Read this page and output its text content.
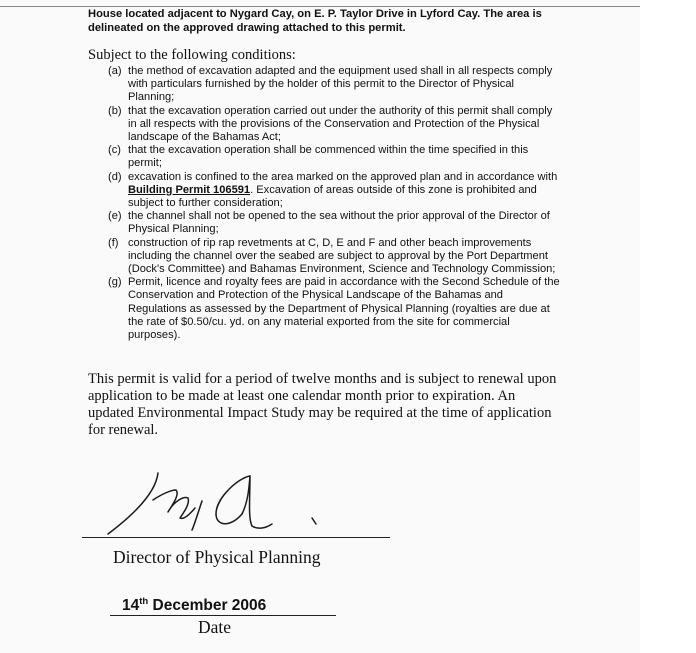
House located adjacent to Nygard Cay, on E. P. Taylor Drive in Lyford Cay. The area is
delineated on the approved drawing attached to this permit.
Subject to the following conditions:
(a) the method of excavation adapted and the equipment used shall in all respects comply with particulars furnished by the holder of this permit to the Director of Physical Planning;
(b) that the excavation operation carried out under the authority of this permit shall comply in all respects with the provisions of the Conservation and Protection of the Physical landscape of the Bahamas Act;
(c) that the excavation operation shall be commenced within the time specified in this permit;
(d) excavation is confined to the area marked on the approved plan and in accordance with Building Permit 106591. Excavation of areas outside of this zone is prohibited and subject to further consideration;
(e) the channel shall not be opened to the sea without the prior approval of the Director of Physical Planning;
(f) construction of rip rap revetments at C, D, E and F and other beach improvements including the channel over the seabed are subject to approval by the Port Department (Dock's Committee) and Bahamas Environment, Science and Technology Commission;
(g) Permit, licence and royalty fees are paid in accordance with the Second Schedule of the Conservation and Protection of the Physical Landscape of the Bahamas and Regulations as assessed by the Department of Physical Planning (royalties are due at the rate of $0.50/cu. yd. on any material exported from the site for commercial purposes).
This permit is valid for a period of twelve months and is subject to renewal upon application to be made at least one calendar month prior to expiration. An updated Environmental Impact Study may be required at the time of application for renewal.
Director of Physical Planning
14th December 2006
Date
